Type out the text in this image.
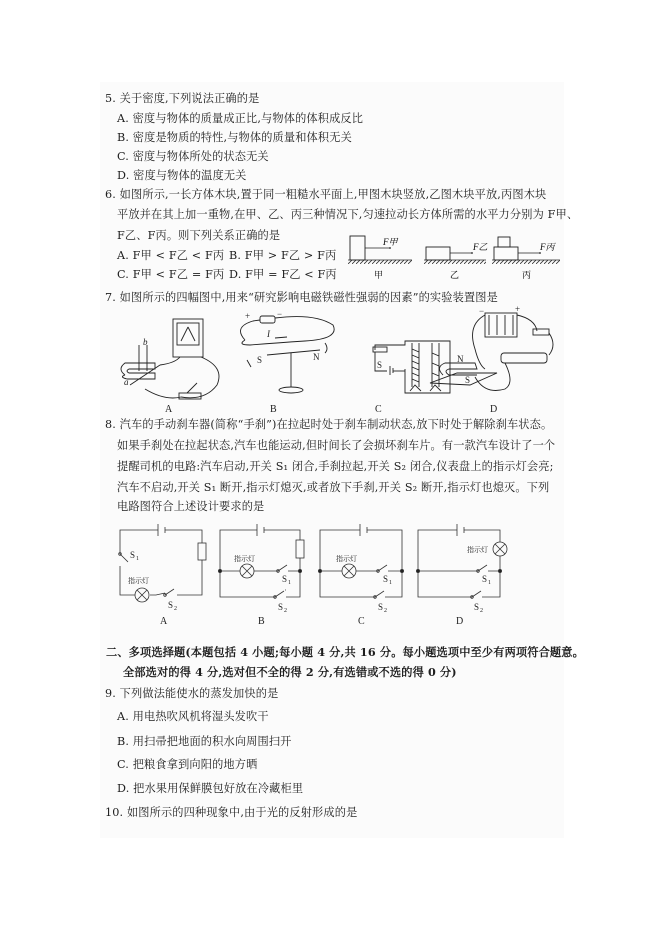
5. 关于密度,下列说法正确的是
A. 密度与物体的质量成正比,与物体的体积成反比
B. 密度是物质的特性,与物体的质量和体积无关
C. 密度与物体所处的状态无关
D. 密度与物体的温度无关
6. 如图所示,一长方体木块,置于同一粗糙水平面上,甲图木块竖放,乙图木块平放,丙图木块
平放并在其上加一重物,在甲、乙、丙三种情况下,匀速拉动长方体所需的水平力分别为 F甲、
F乙、F丙。则下列关系正确的是
A. F甲 < F乙 < F丙 B. F甲 > F乙 > F丙
C. F甲 < F乙 = F丙 D. F甲 = F乙 < F丙
F甲
甲
F乙
乙
F丙
丙
7. 如图所示的四幅图中,用来“研究影响电磁铁磁性强弱的因素”的实验装置图是
a
b
+	−
I
S	N
S
−	+
N
S
A	B	C	D
8. 汽车的手动刹车器(简称“手刹”)在拉起时处于刹车制动状态,放下时处于解除刹车状态。
如果手刹处在拉起状态,汽车也能运动,但时间长了会损坏刹车片。有一款汽车设计了一个
提醒司机的电路:汽车启动,开关 S₁ 闭合,手刹拉起,开关 S₂ 闭合,仪表盘上的指示灯会亮;
汽车不启动,开关 S₁ 断开,指示灯熄灭,或者放下手刹,开关 S₂ 断开,指示灯也熄灭。下列
电路图符合上述设计要求的是
S 1
指示灯
S 2
指示灯
S 1
S 2
指示灯
S 1
S 2
指示灯
S 1
S 2
A	B	C	D
二、多项选择题(本题包括 4 小题;每小题 4 分,共 16 分。每小题选项中至少有两项符合题意。
全部选对的得 4 分,选对但不全的得 2 分,有选错或不选的得 0 分)
9. 下列做法能使水的蒸发加快的是
A. 用电热吹风机将湿头发吹干
B. 用扫帚把地面的积水向周围扫开
C. 把粮食拿到向阳的地方晒
D. 把水果用保鲜膜包好放在冷藏柜里
10. 如图所示的四种现象中,由于光的反射形成的是
